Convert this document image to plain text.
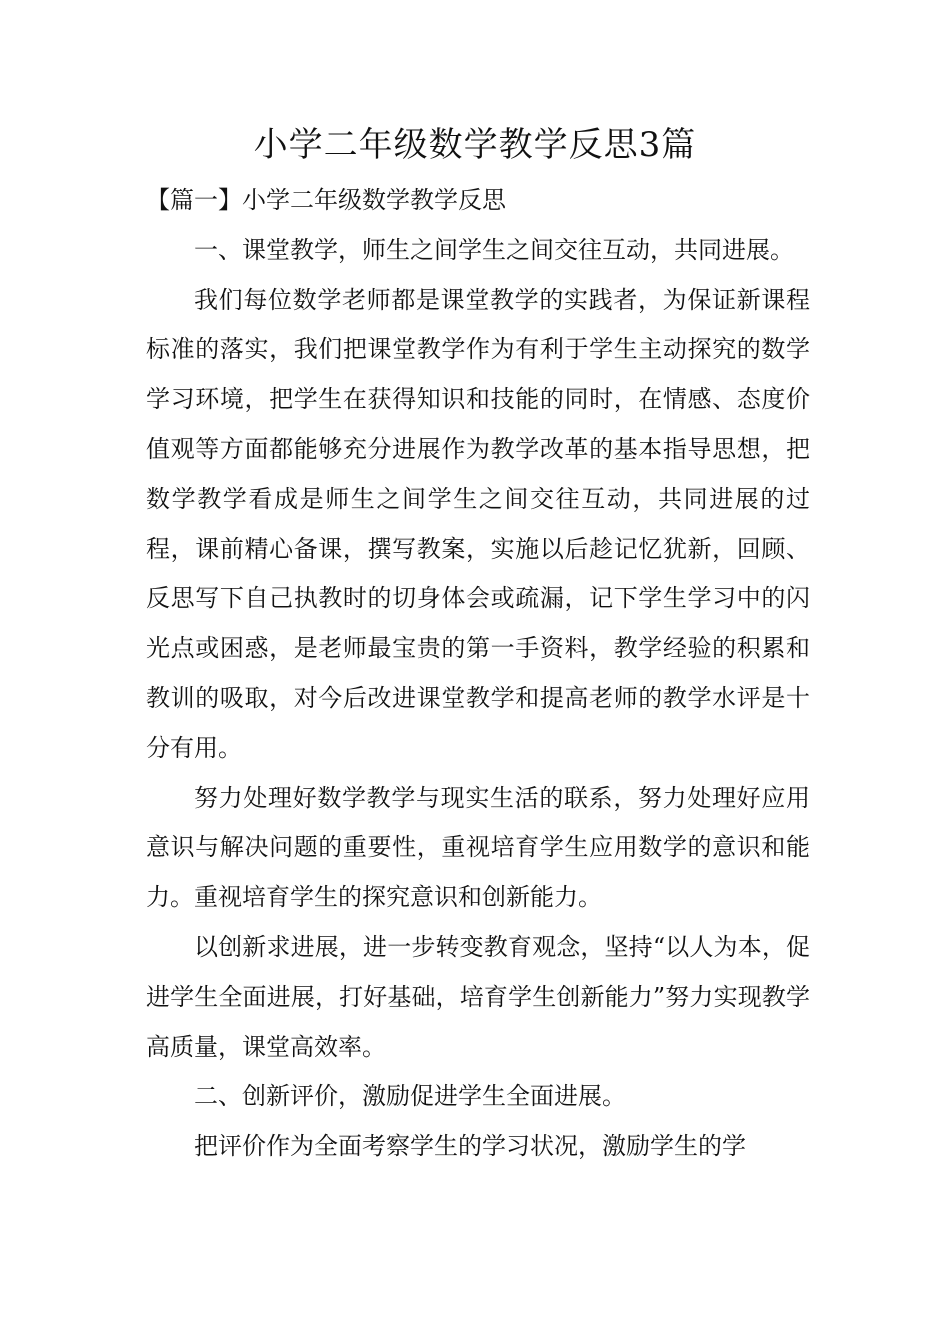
小学二年级数学教学反思3篇

【篇一】小学二年级数学教学反思

一、课堂教学，师生之间学生之间交往互动，共同进展。

我们每位数学老师都是课堂教学的实践者，为保证新课程标准的落实，我们把课堂教学作为有利于学生主动探究的数学学习环境，把学生在获得知识和技能的同时，在情感、态度价值观等方面都能够充分进展作为教学改革的基本指导思想，把数学教学看成是师生之间学生之间交往互动，共同进展的过程，课前精心备课，撰写教案，实施以后趁记忆犹新，回顾、反思写下自己执教时的切身体会或疏漏，记下学生学习中的闪光点或困惑，是老师最宝贵的第一手资料，教学经验的积累和教训的吸取，对今后改进课堂教学和提高老师的教学水评是十分有用。

努力处理好数学教学与现实生活的联系，努力处理好应用意识与解决问题的重要性，重视培育学生应用数学的意识和能力。重视培育学生的探究意识和创新能力。

以创新求进展，进一步转变教育观念，坚持“以人为本，促进学生全面进展，打好基础，培育学生创新能力”努力实现教学高质量，课堂高效率。

二、创新评价，激励促进学生全面进展。

把评价作为全面考察学生的学习状况，激励学生的学
